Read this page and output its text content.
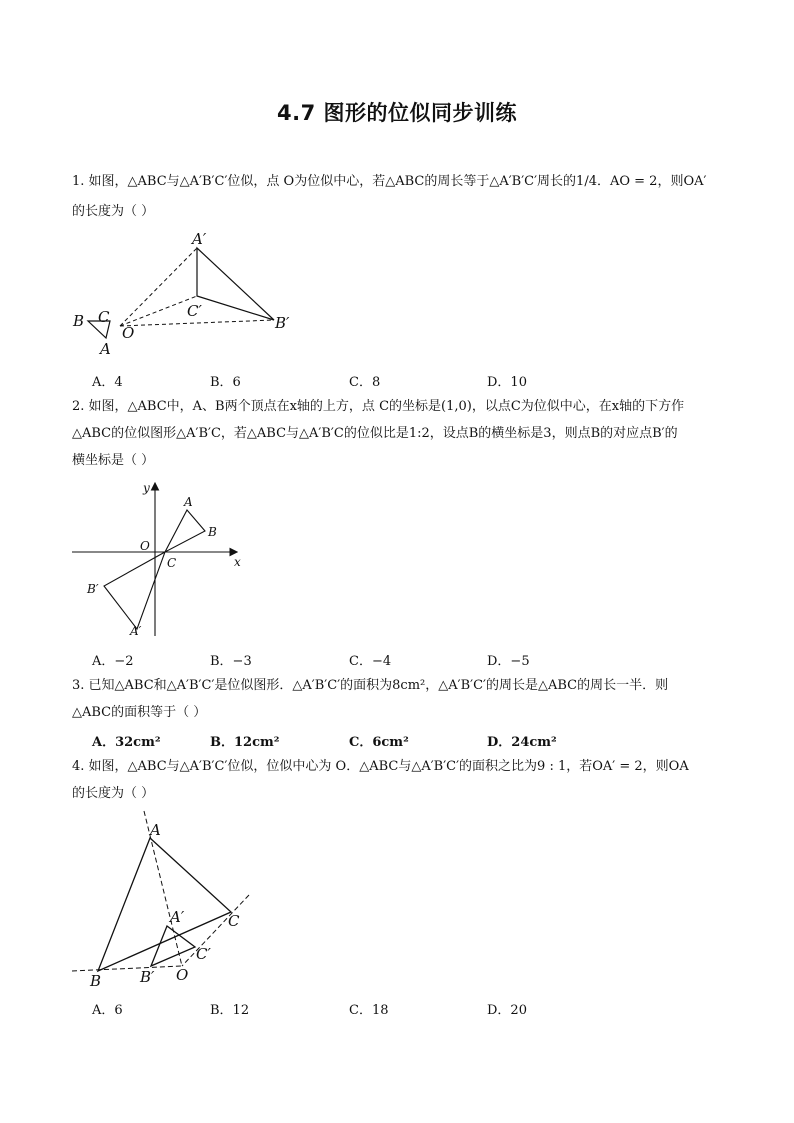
4.7 图形的位似同步训练
1. 如图，△ABC与△A′B′C′位似，点 O为位似中心，若△ABC的周长等于△A′B′C′周长的1/4．AO = 2，则OA′
的长度为（ ）
A′
C′
B′
B C
O
A
A．4	B．6	C．8	D．10
2. 如图，△ABC中，A、B两个顶点在x轴的上方，点 C的坐标是(1,0)，以点C为位似中心，在x轴的下方作
△ABC的位似图形△A′B′C，若△ABC与△A′B′C的位似比是1:2，设点B的横坐标是3，则点B的对应点B′的
横坐标是（ ）
y
x
O
C
A
B
B′
A′
A．−2	B．−3	C．−4	D．−5
3. 已知△ABC和△A′B′C′是位似图形．△A′B′C′的面积为8cm²，△A′B′C′的周长是△ABC的周长一半．则
△ABC的面积等于（ ）
A．32cm²	B．12cm²	C．6cm²	D．24cm²
4. 如图，△ABC与△A′B′C′位似，位似中心为 O．△ABC与△A′B′C′的面积之比为9 : 1，若OA′ = 2，则OA
的长度为（ ）
A
A′	C
C′
B	B′ O
A．6	B．12	C．18	D．20
